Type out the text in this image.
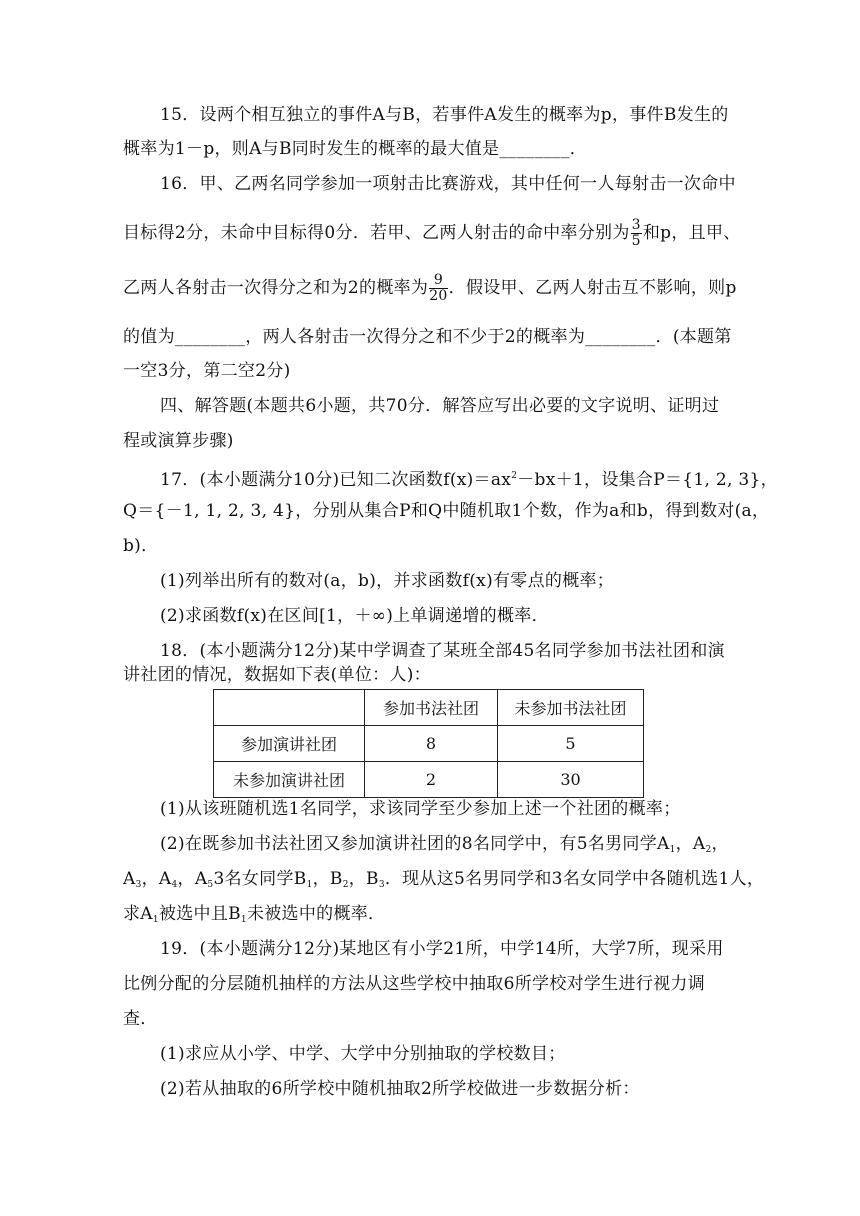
15．设两个相互独立的事件A与B，若事件A发生的概率为p，事件B发生的
概率为1－p，则A与B同时发生的概率的最大值是________．
16．甲、乙两名同学参加一项射击比赛游戏，其中任何一人每射击一次命中
目标得2分，未命中目标得0分．若甲、乙两人射击的命中率分别为 $\frac{3}{5}$ 和p，且甲、
乙两人各射击一次得分之和为2的概率为 $\frac{9}{20}$ ．假设甲、乙两人射击互不影响，则p
的值为________，两人各射击一次得分之和不少于2的概率为________．(本题第
一空3分，第二空2分)
四、解答题(本题共6小题，共70分．解答应写出必要的文字说明、证明过
程或演算步骤)
17．(本小题满分10分)已知二次函数$f(x)=ax^2-bx+1$，设集合P＝{1, 2, 3}，
Q＝{－1, 1, 2, 3, 4}，分别从集合P和Q中随机取1个数，作为a和b，得到数对(a，
b)．
(1)列举出所有的数对(a，b)，并求函数f(x)有零点的概率；
(2)求函数f(x)在区间[1，＋∞)上单调递增的概率．
18．(本小题满分12分)某中学调查了某班全部45名同学参加书法社团和演
讲社团的情况，数据如下表(单位：人)：
	参加书法社团	未参加书法社团
参加演讲社团	8	5
未参加演讲社团	2	30
(1)从该班随机选1名同学，求该同学至少参加上述一个社团的概率；
(2)在既参加书法社团又参加演讲社团的8名同学中，有5名男同学$A_1$，$A_2$，
$A_3$，$A_4$，$A_53$名女同学$B_1$，$B_2$，$B_3$．现从这5名男同学和3名女同学中各随机选1人，
求$A_1$被选中且$B_1$未被选中的概率．
19．(本小题满分12分)某地区有小学21所，中学14所，大学7所，现采用
比例分配的分层随机抽样的方法从这些学校中抽取6所学校对学生进行视力调
查．
(1)求应从小学、中学、大学中分别抽取的学校数目；
(2)若从抽取的6所学校中随机抽取2所学校做进一步数据分析：
